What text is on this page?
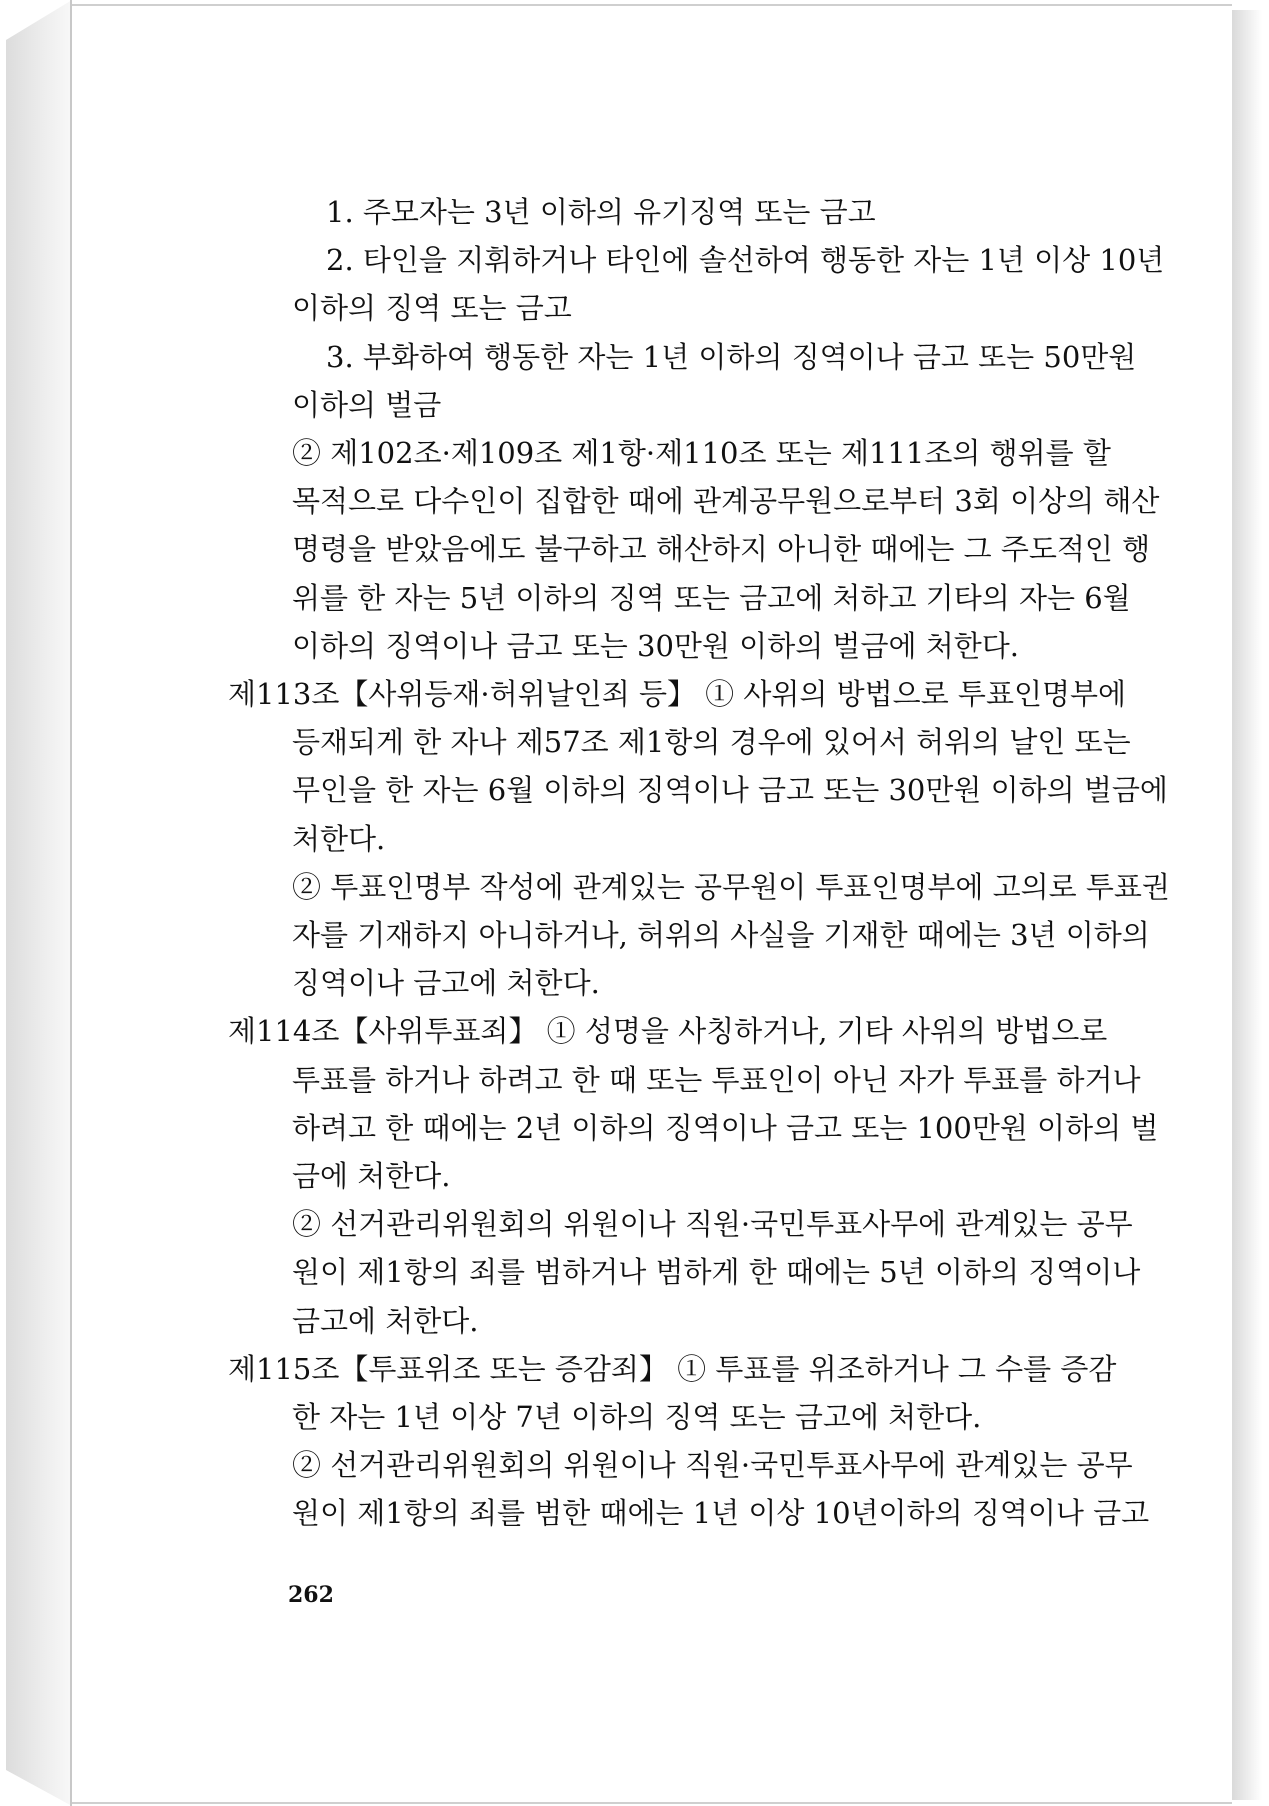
1. 주모자는 3년 이하의 유기징역 또는 금고
2. 타인을 지휘하거나 타인에 솔선하여 행동한 자는 1년 이상 10년
이하의 징역 또는 금고
3. 부화하여 행동한 자는 1년 이하의 징역이나 금고 또는 50만원
이하의 벌금
② 제102조·제109조 제1항·제110조 또는 제111조의 행위를 할
목적으로 다수인이 집합한 때에 관계공무원으로부터 3회 이상의 해산
명령을 받았음에도 불구하고 해산하지 아니한 때에는 그 주도적인 행
위를 한 자는 5년 이하의 징역 또는 금고에 처하고 기타의 자는 6월
이하의 징역이나 금고 또는 30만원 이하의 벌금에 처한다.
제113조【사위등재·허위날인죄 등】 ① 사위의 방법으로 투표인명부에
등재되게 한 자나 제57조 제1항의 경우에 있어서 허위의 날인 또는
무인을 한 자는 6월 이하의 징역이나 금고 또는 30만원 이하의 벌금에
처한다.
② 투표인명부 작성에 관계있는 공무원이 투표인명부에 고의로 투표권
자를 기재하지 아니하거나, 허위의 사실을 기재한 때에는 3년 이하의
징역이나 금고에 처한다.
제114조【사위투표죄】 ① 성명을 사칭하거나, 기타 사위의 방법으로
투표를 하거나 하려고 한 때 또는 투표인이 아닌 자가 투표를 하거나
하려고 한 때에는 2년 이하의 징역이나 금고 또는 100만원 이하의 벌
금에 처한다.
② 선거관리위원회의 위원이나 직원·국민투표사무에 관계있는 공무
원이 제1항의 죄를 범하거나 범하게 한 때에는 5년 이하의 징역이나
금고에 처한다.
제115조【투표위조 또는 증감죄】 ① 투표를 위조하거나 그 수를 증감
한 자는 1년 이상 7년 이하의 징역 또는 금고에 처한다.
② 선거관리위원회의 위원이나 직원·국민투표사무에 관계있는 공무
원이 제1항의 죄를 범한 때에는 1년 이상 10년이하의 징역이나 금고
262
